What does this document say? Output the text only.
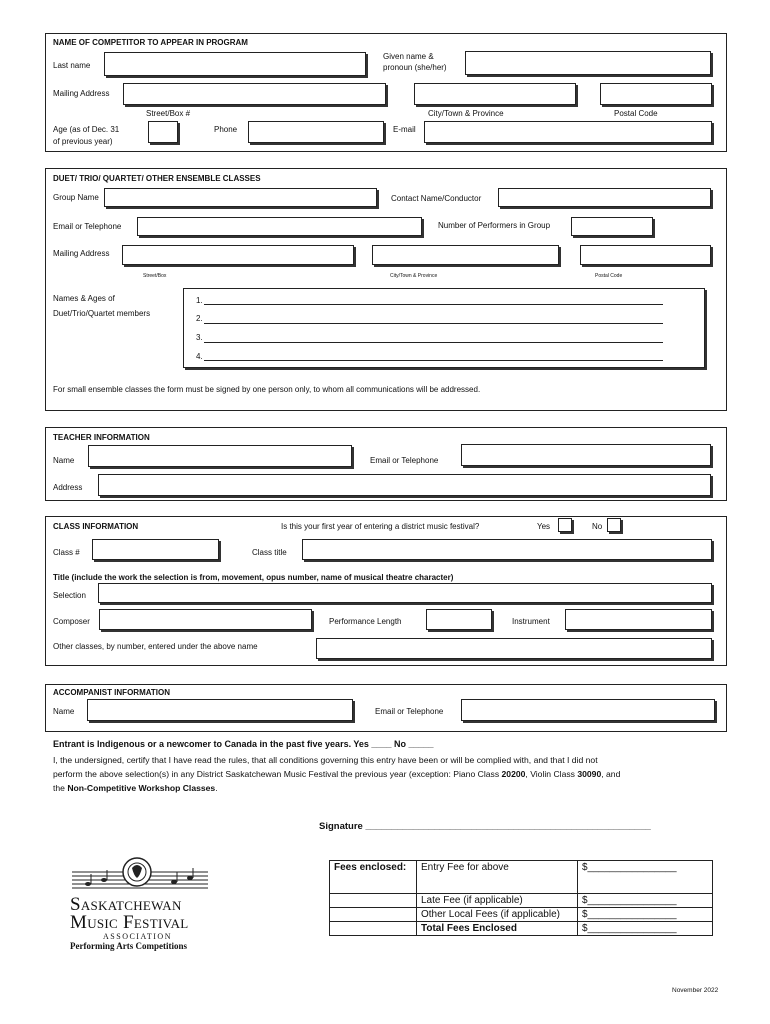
NAME OF COMPETITOR TO APPEAR IN PROGRAM
Last name
Given name &
pronoun (she/her)
Mailing Address
Street/Box #	City/Town & Province	Postal Code
Age (as of Dec. 31
of previous year)
Phone	E-mail
DUET/ TRIO/ QUARTET/ OTHER ENSEMBLE CLASSES
Group Name	Contact Name/Conductor
Email or Telephone	Number of Performers in Group
Mailing Address
Street/Box	City/Town & Province	Postal Code
Names & Ages of
Duet/Trio/Quartet members
1.
2.
3.
4.
For small ensemble classes the form must be signed by one person only, to whom all communications will be addressed.
TEACHER INFORMATION
Name	Email or Telephone
Address
CLASS INFORMATION	Is this your first year of entering a district music festival?	Yes	No
Class #	Class title
Title (include the work the selection is from, movement, opus number, name of musical theatre character)
Selection
Composer	Performance Length	Instrument
Other classes, by number, entered under the above name
ACCOMPANIST INFORMATION
Name	Email or Telephone
Entrant is Indigenous or a newcomer to Canada in the past five years. Yes ____ No _____
I, the undersigned, certify that I have read the rules, that all conditions governing this entry have been or will be complied with, and that I did not
perform the above selection(s) in any District Saskatchewan Music Festival the previous year (exception: Piano Class 20200, Violin Class 30090, and
the Non-Competitive Workshop Classes.
Signature ______________________________________________________
Saskatchewan
Music Festival
ASSOCIATION
Performing Arts Competitions
Fees enclosed:	Entry Fee for above	$________________
	Late Fee (if applicable)	$________________
	Other Local Fees (if applicable)	$________________
	Total Fees Enclosed	$________________
November 2022
